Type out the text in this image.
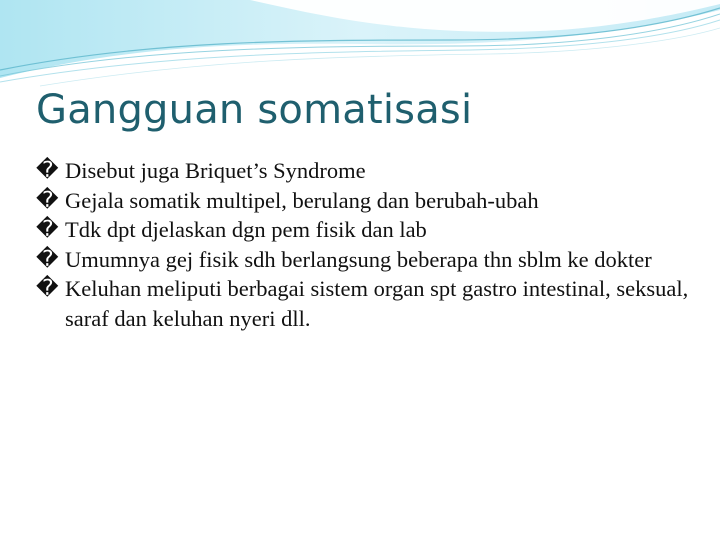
Gangguan somatisasi
� Disebut juga Briquet’s Syndrome
� Gejala somatik multipel, berulang dan berubah-ubah
� Tdk dpt djelaskan dgn pem fisik dan lab
� Umumnya gej fisik sdh berlangsung beberapa thn sblm ke dokter
� Keluhan meliputi berbagai sistem organ spt gastro intestinal, seksual, saraf dan keluhan nyeri dll.
